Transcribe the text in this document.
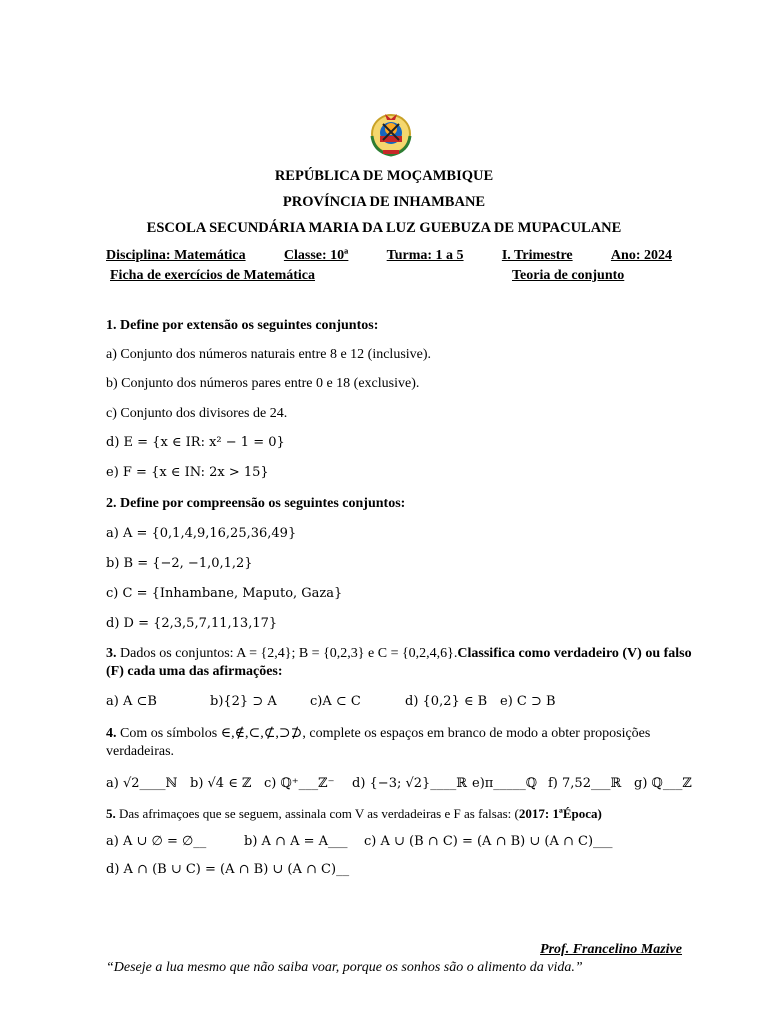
REPÚBLICA DE MOÇAMBIQUE
PROVÍNCIA DE INHAMBANE
ESCOLA SECUNDÁRIA MARIA DA LUZ GUEBUZA DE MUPACULANE
Disciplina: Matemática	Classe: 10ª	Turma: 1 a 5	I. Trimestre	Ano: 2024
Ficha de exercícios de Matemática	Teoria de conjunto
1. Define por extensão os seguintes conjuntos:
a) Conjunto dos números naturais entre 8 e 12 (inclusive).
b) Conjunto dos números pares entre 0 e 18 (exclusive).
c) Conjunto dos divisores de 24.
d) E = {x ∈ IR: x² − 1 = 0}
e) F = {x ∈ IN: 2x > 15}
2. Define por compreensão os seguintes conjuntos:
a) A = {0,1,4,9,16,25,36,49}
b) B = {−2, −1,0,1,2}
c) C = {Inhambane, Maputo, Gaza}
d) D = {2,3,5,7,11,13,17}
3. Dados os conjuntos: A = {2,4}; B = {0,2,3} e C = {0,2,4,6}.Classifica como verdadeiro (V) ou falso (F) cada uma das afirmações:
a) A ⊂B	b){2} ⊃ A	c)A ⊂ C	d) {0,2} ∈ B e) C ⊃ B
4. Com os símbolos ∈,∉,⊂,⊄,⊃⊅, complete os espaços em branco de modo a obter proposições verdadeiras.
a) √2____ℕ b) √4 ∈ ℤ c) ℚ⁺___ℤ⁻ d) {−3; √2}____ℝ e)π_____ℚ f) 7,52___ℝ g) ℚ___ℤ
5. Das afrimaçoes que se seguem, assinala com V as verdadeiras e F as falsas: (2017: 1ªÉpoca)
a) A ∪ ∅ = ∅__	b) A ∩ A = A___ c) A ∪ (B ∩ C) = (A ∩ B) ∪ (A ∩ C)___
d) A ∩ (B ∪ C) = (A ∩ B) ∪ (A ∩ C)__
Prof. Francelino Mazive
“Deseje a lua mesmo que não saiba voar, porque os sonhos são o alimento da vida.”
